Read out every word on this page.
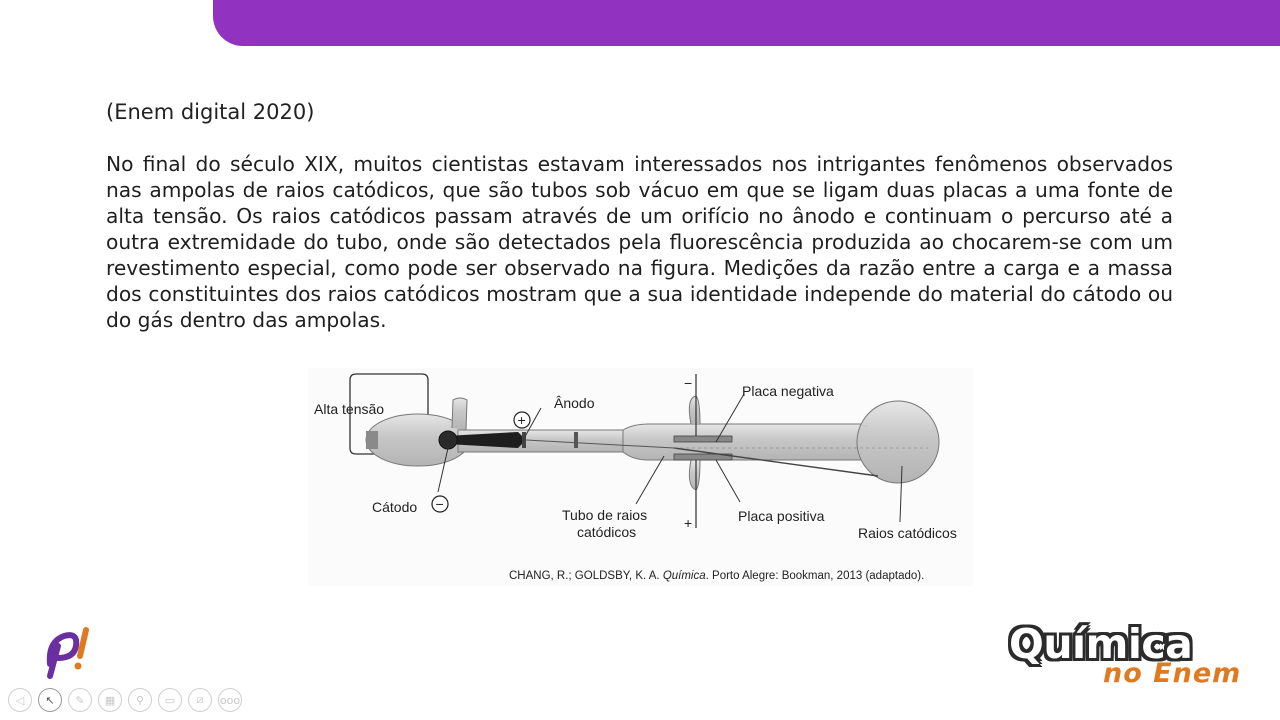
(Enem digital 2020)
No final do século XIX, muitos cientistas estavam interessados nos intrigantes fenômenos observados nas ampolas de raios catódicos, que são tubos sob vácuo em que se ligam duas placas a uma fonte de alta tensão. Os raios catódicos passam através de um orifício no ânodo e continuam o percurso até a outra extremidade do tubo, onde são detectados pela fluorescência produzida ao chocarem-se com um revestimento especial, como pode ser observado na figura. Medições da razão entre a carga e a massa dos constituintes dos raios catódicos mostram que a sua identidade independe do material do cátodo ou do gás dentro das ampolas.
Alta tensão	Ânodo
Cátodo
Placa negativa
Placa positiva
Tubo de raios
catódicos	Raios catódicos
−
+
+
−
CHANG, R.; GOLDSBY, K. A. Química. Porto Alegre: Bookman, 2013 (adaptado).
Química
no Enem
◁	↖	✎	▦	⚲	▭	⧄	ooo
